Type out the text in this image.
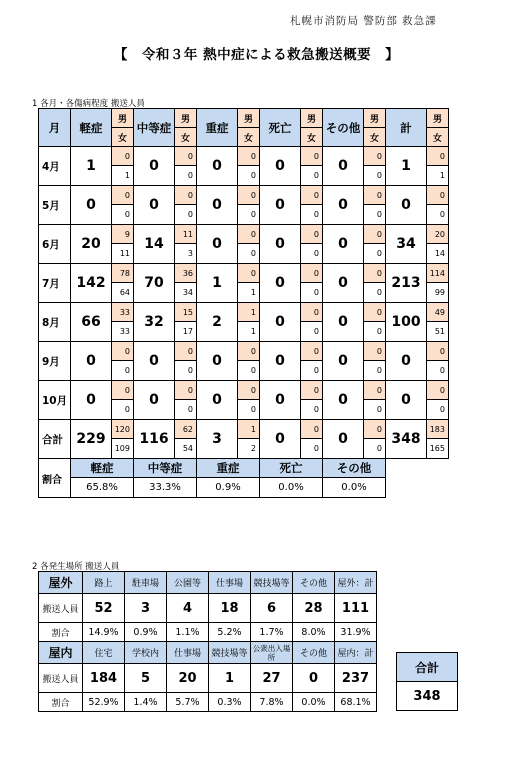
札幌市消防局 警防部 救急課
【　令和３年 熱中症による救急搬送概要　】
1 各月・各傷病程度 搬送人員
月	軽症	男	中等症	男	重症	男	死亡	男	その他	男	計	男
		女		女		女		女		女		女
4月	1	0	0	0	0	0	0	0	0	0	1	0
		1		0		0		0		0		1
5月	0	0	0	0	0	0	0	0	0	0	0	0
		0		0		0		0		0		0
6月	20	9	14	11	0	0	0	0	0	0	34	20
		11		3		0		0		0		14
7月	142	78	70	36	1	0	0	0	0	0	213	114
		64		34		1		0		0		99
8月	66	33	32	15	2	1	0	0	0	0	100	49
		33		17		1		0		0		51
9月	0	0	0	0	0	0	0	0	0	0	0	0
		0		0		0		0		0		0
10月	0	0	0	0	0	0	0	0	0	0	0	0
		0		0		0		0		0		0
合計	229	120	116	62	3	1	0	0	0	0	348	183
		109		54		2		0		0		165
割合	軽症		中等症		重症		死亡		その他			
	65.8%		33.3%		0.9%		0.0%		0.0%			
2 各発生場所 搬送人員
屋外	路上	駐車場	公園等	仕事場	競技場等	その他	屋外：計
搬送人員	52	3	4	18	6	28	111
割合	14.9%	0.9%	1.1%	5.2%	1.7%	8.0%	31.9%
屋内	住宅	学校内	仕事場	競技場等	公衆出入場所	その他	屋内：計
搬送人員	184	5	20	1	27	0	237
割合	52.9%	1.4%	5.7%	0.3%	7.8%	0.0%	68.1%
合計
348
